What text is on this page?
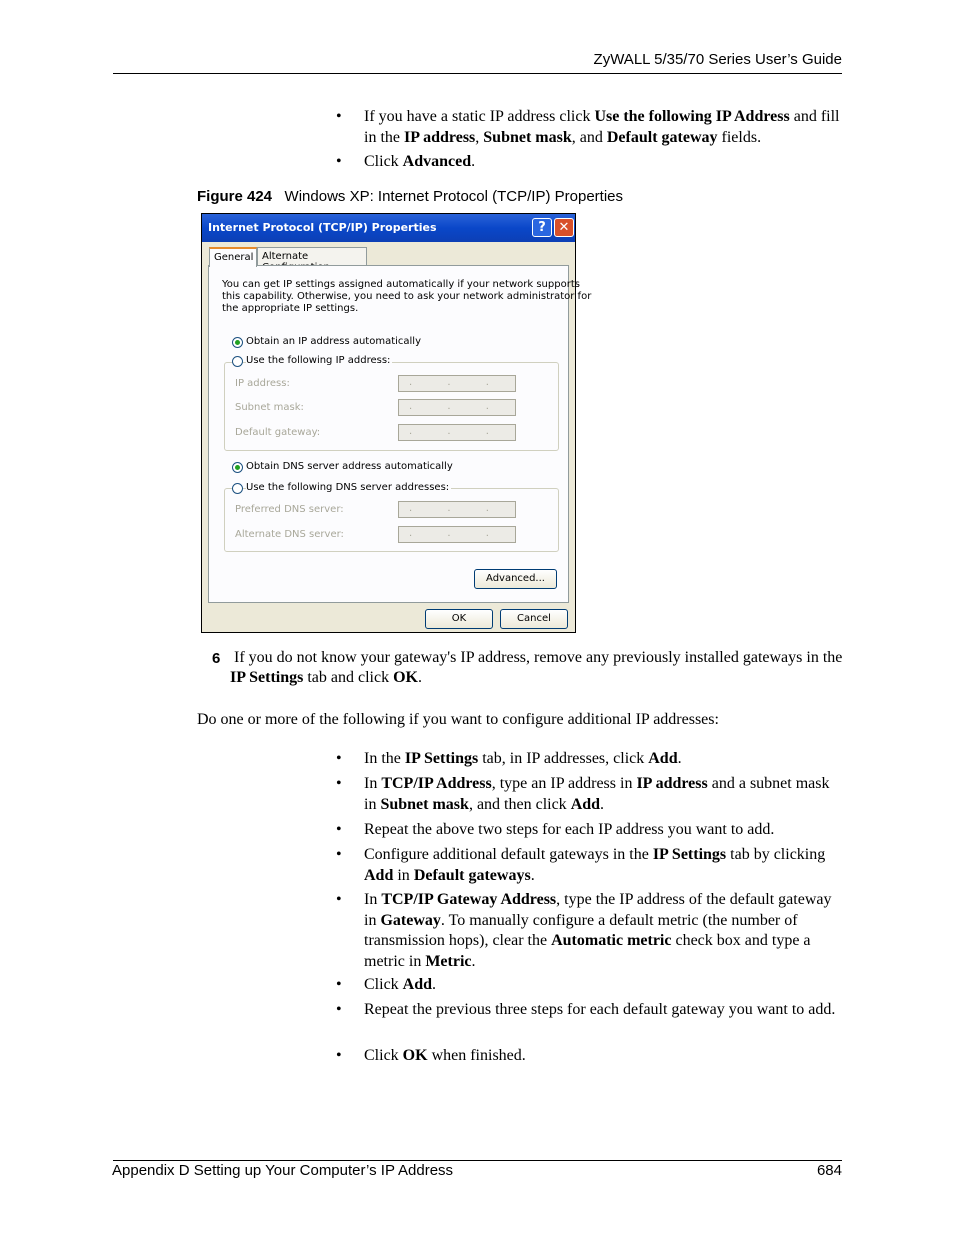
ZyWALL 5/35/70 Series User’s Guide
• If you have a static IP address click Use the following IP Address and fill in the IP address, Subnet mask, and Default gateway fields.
• Click Advanced.
Figure 424 Windows XP: Internet Protocol (TCP/IP) Properties
Internet Protocol (TCP/IP) Properties	? ✕
General Alternate
You can get IP settings assigned automatically if your network supports
this capability. Otherwise, you need to ask your network administrator for
the appropriate IP settings.
Obtain an IP address automatically
Use the following IP address:
IP address:	. . .
Subnet mask:	. . .
Default gateway:	. . .
Obtain DNS server address automatically
Use the following DNS server addresses:
Preferred DNS server:	. . .
Alternate DNS server:	. . .
Advanced...
OK	Cancel
6 If you do not know your gateway's IP address, remove any previously installed gateways in the IP Settings tab and click OK.
Do one or more of the following if you want to configure additional IP addresses:
• In the IP Settings tab, in IP addresses, click Add.
• In TCP/IP Address, type an IP address in IP address and a subnet mask in Subnet mask, and then click Add.
• Repeat the above two steps for each IP address you want to add.
• Configure additional default gateways in the IP Settings tab by clicking Add in Default gateways.
• In TCP/IP Gateway Address, type the IP address of the default gateway in Gateway. To manually configure a default metric (the number of transmission hops), clear the Automatic metric check box and type a metric in Metric.
• Click Add.
• Repeat the previous three steps for each default gateway you want to add.
• Click OK when finished.
Appendix D Setting up Your Computer’s IP Address	684
